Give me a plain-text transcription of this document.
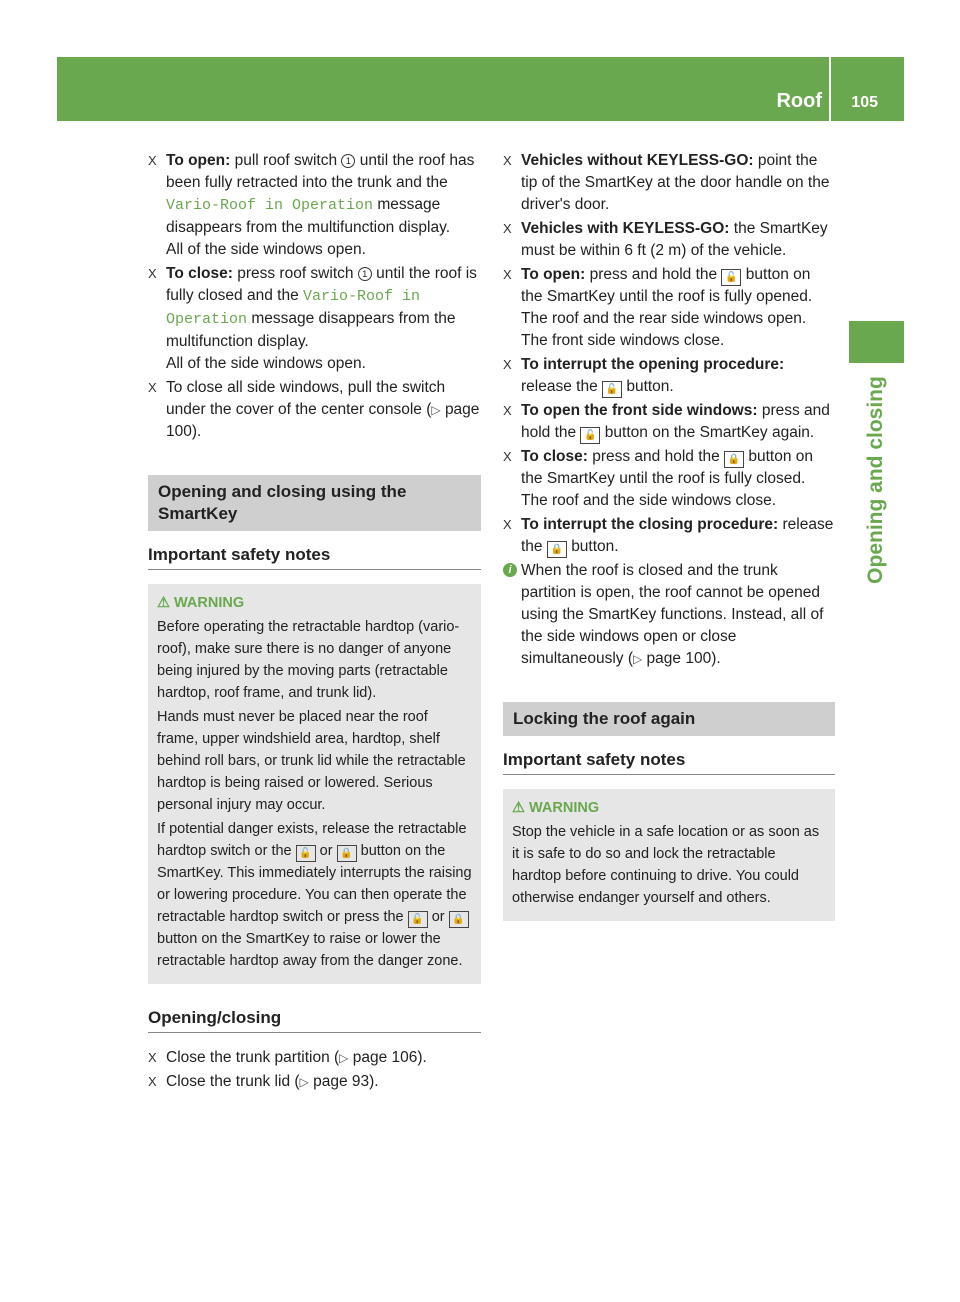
Roof 105
Opening and closing
X To open: pull roof switch 1 until the roof has been fully retracted into the trunk and the Vario-Roof in Operation message disappears from the multifunction display.

All of the side windows open.

X To close: press roof switch 1 until the roof is fully closed and the Vario-Roof in Operation message disappears from the multifunction display.

All of the side windows open.

X To close all side windows, pull the switch under the cover of the center console (▷ page 100).

Opening and closing using the SmartKey
Important safety notes
⚠ WARNING

Before operating the retractable hardtop (vario-roof), make sure there is no danger of anyone being injured by the moving parts (retractable hardtop, roof frame, and trunk lid).

Hands must never be placed near the roof frame, upper windshield area, hardtop, shelf behind roll bars, or trunk lid while the retractable hardtop is being raised or lowered. Serious personal injury may occur.

If potential danger exists, release the retractable hardtop switch or the 🔓 or 🔒 button on the SmartKey. This immediately interrupts the raising or lowering procedure. You can then operate the retractable hardtop switch or press the 🔓 or 🔒 button on the SmartKey to raise or lower the retractable hardtop away from the danger zone.

Opening/closing
X Close the trunk partition (▷ page 106).

X Close the trunk lid (▷ page 93).

X Vehicles without KEYLESS-GO: point the tip of the SmartKey at the door handle on the driver's door.

X Vehicles with KEYLESS-GO: the SmartKey must be within 6 ft (2 m) of the vehicle.

X To open: press and hold the 🔓 button on the SmartKey until the roof is fully opened.

The roof and the rear side windows open.

The front side windows close.

X To interrupt the opening procedure: release the 🔓 button.

X To open the front side windows: press and hold the 🔓 button on the SmartKey again.

X To close: press and hold the 🔒 button on the SmartKey until the roof is fully closed.

The roof and the side windows close.

X To interrupt the closing procedure: release the 🔒 button.

i When the roof is closed and the trunk partition is open, the roof cannot be opened using the SmartKey functions. Instead, all of the side windows open or close simultaneously (▷ page 100).
Locking the roof again
Important safety notes
⚠ WARNING

Stop the vehicle in a safe location or as soon as it is safe to do so and lock the retractable hardtop before continuing to drive. You could otherwise endanger yourself and others.
